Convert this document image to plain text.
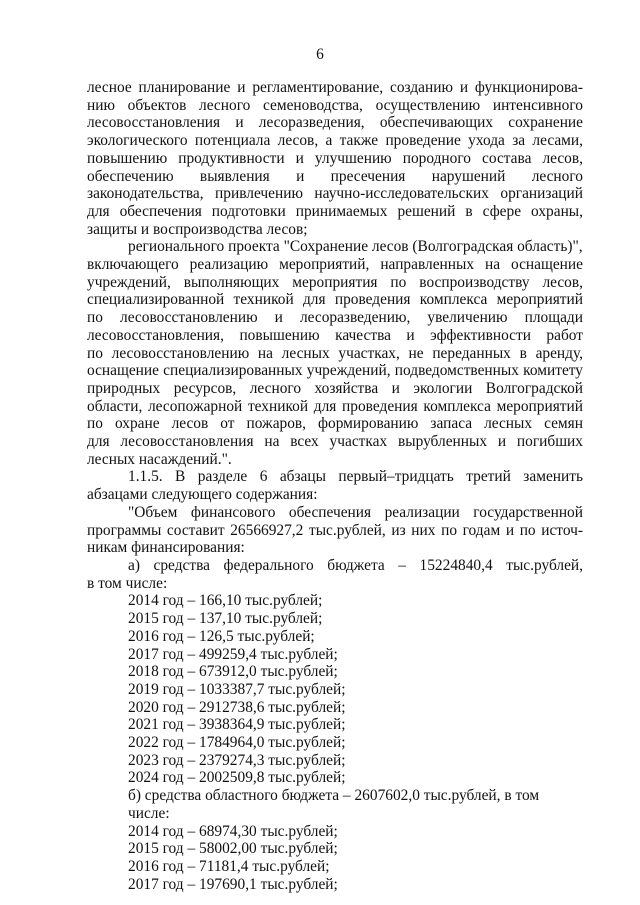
6

лесное планирование и регламентирование, созданию и функционирова-

нию объектов лесного семеноводства, осуществлению интенсивного

лесовосстановления и лесоразведения, обеспечивающих сохранение

экологического потенциала лесов, а также проведение ухода за лесами,

повышению продуктивности и улучшению породного состава лесов,

обеспечению выявления и пресечения нарушений лесного

законодательства, привлечению научно-исследовательских организаций

для обеспечения подготовки принимаемых решений в сфере охраны,

защиты и воспроизводства лесов;

регионального проекта "Сохранение лесов (Волгоградская область)",

включающего реализацию мероприятий, направленных на оснащение

учреждений, выполняющих мероприятия по воспроизводству лесов,

специализированной техникой для проведения комплекса мероприятий

по лесовосстановлению и лесоразведению, увеличению площади

лесовосстановления, повышению качества и эффективности работ

по лесовосстановлению на лесных участках, не переданных в аренду,

оснащение специализированных учреждений, подведомственных комитету

природных ресурсов, лесного хозяйства и экологии Волгоградской

области, лесопожарной техникой для проведения комплекса мероприятий

по охране лесов от пожаров, формированию запаса лесных семян

для лесовосстановления на всех участках вырубленных и погибших

лесных насаждений.".

1.1.5. В разделе 6 абзацы первый–тридцать третий заменить

абзацами следующего содержания:

"Объем финансового обеспечения реализации государственной

программы составит 26566927,2 тыс.рублей, из них по годам и по источ-

никам финансирования:

а) средства федерального бюджета – 15224840,4 тыс.рублей,

в том числе:

2014 год – 166,10 тыс.рублей;

2015 год – 137,10 тыс.рублей;

2016 год – 126,5 тыс.рублей;

2017 год – 499259,4 тыс.рублей;

2018 год – 673912,0 тыс.рублей;

2019 год – 1033387,7 тыс.рублей;

2020 год – 2912738,6 тыс.рублей;

2021 год – 3938364,9 тыс.рублей;

2022 год – 1784964,0 тыс.рублей;

2023 год – 2379274,3 тыс.рублей;

2024 год – 2002509,8 тыс.рублей;

б) средства областного бюджета – 2607602,0 тыс.рублей, в том числе:

2014 год – 68974,30 тыс.рублей;

2015 год – 58002,00 тыс.рублей;

2016 год – 71181,4 тыс.рублей;

2017 год – 197690,1 тыс.рублей;
